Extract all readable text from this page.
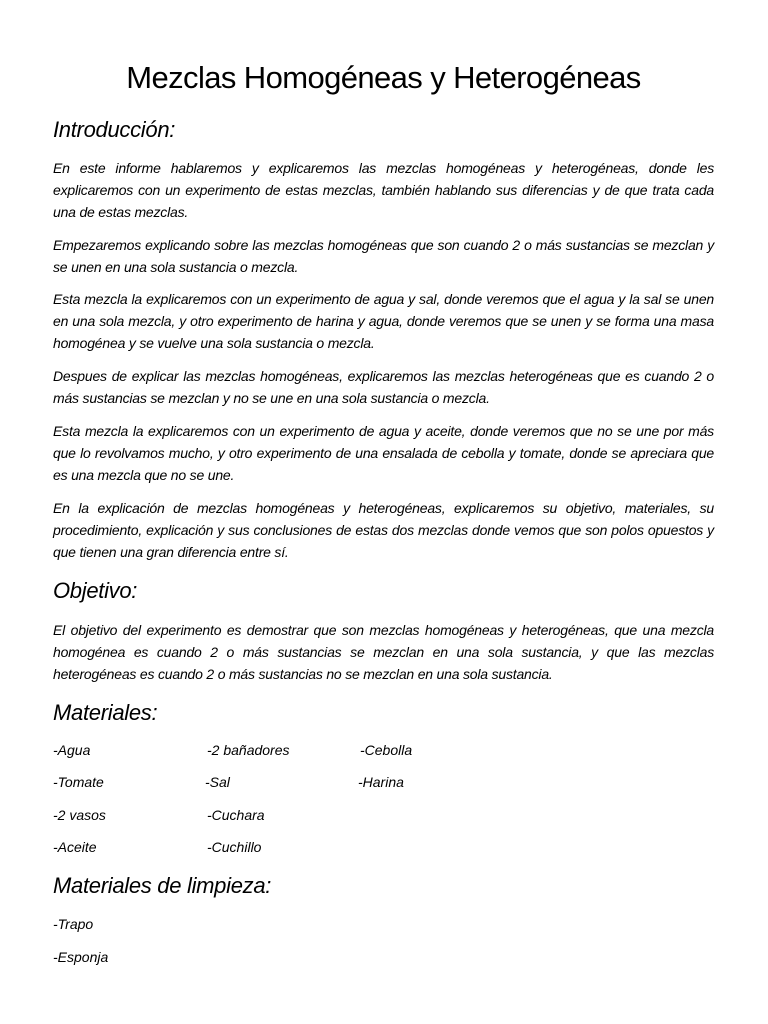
Mezclas Homogéneas y Heterogéneas
Introducción:

En este informe hablaremos y explicaremos las mezclas homogéneas y heterogéneas, donde les explicaremos con un experimento de estas mezclas, también hablando sus diferencias y de que trata cada una de estas mezclas.

Empezaremos explicando sobre las mezclas homogéneas que son cuando 2 o más sustancias se mezclan y se unen en una sola sustancia o mezcla.

Esta mezcla la explicaremos con un experimento de agua y sal, donde veremos que el agua y la sal se unen en una sola mezcla, y otro experimento de harina y agua, donde veremos que se unen y se forma una masa homogénea y se vuelve una sola sustancia o mezcla.

Despues de explicar las mezclas homogéneas, explicaremos las mezclas heterogéneas que es cuando 2 o más sustancias se mezclan y no se une en una sola sustancia o mezcla.

Esta mezcla la explicaremos con un experimento de agua y aceite, donde veremos que no se une por más que lo revolvamos mucho, y otro experimento de una ensalada de cebolla y tomate, donde se apreciara que es una mezcla que no se une.

En la explicación de mezclas homogéneas y heterogéneas, explicaremos su objetivo, materiales, su procedimiento, explicación y sus conclusiones de estas dos mezclas donde vemos que son polos opuestos y que tienen una gran diferencia entre sí.

Objetivo:

El objetivo del experimento es demostrar que son mezclas homogéneas y heterogéneas, que una mezcla homogénea es cuando 2 o más sustancias se mezclan en una sola sustancia, y que las mezclas heterogéneas es cuando 2 o más sustancias no se mezclan en una sola sustancia.

Materiales:
-Agua	-2 bañadores	-Cebolla
-Tomate	-Sal	-Harina
-2 vasos	-Cuchara
-Aceite	-Cuchillo
Materiales de limpieza:
-Trapo
-Esponja
